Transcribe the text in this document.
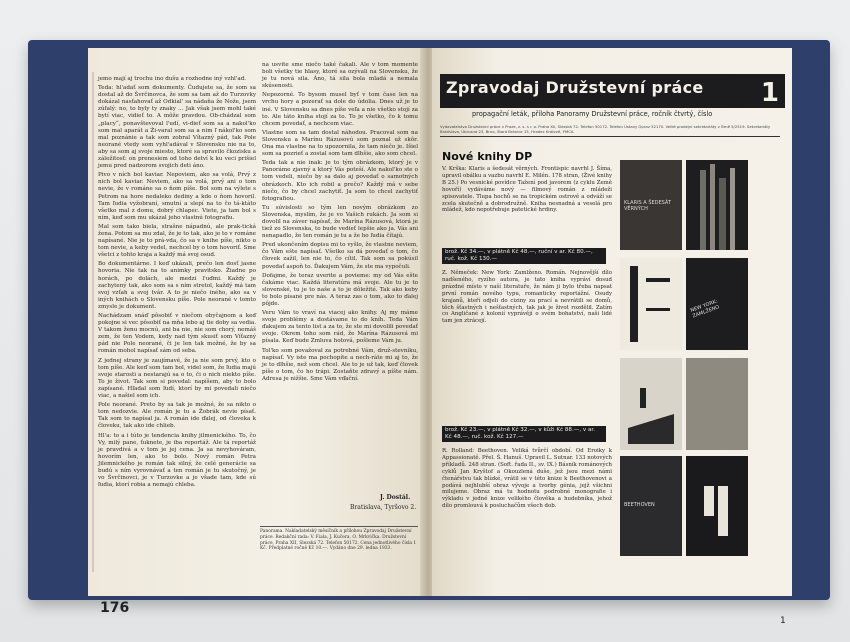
jemo mají aj trochu ino dušu a rozhodne iný vzhl'ad.

Teda: hl'adať som dokumenty. Čudujete sa, že som sa dostal až do Švrčinovca, že som sa tam až do Turzovky dokázal nasťahovať až Odkial' sa nádaňa že Nože, jsem zúfalý: no, to byly ty znaky ... Jak však jsem mohl také bytí viac, vidieť to. A môže pravdou. Ob-chádzal som „placy“, ponavštevoval l'udí, vi-dieť som sa a nakol'ko som mal aparát a Ži-varal som sa a nim ľ nákol'ko som mal poznánie a tak som zobral Vítazný pád, tak Pole neorané vtedy som vyhl'adával v Slovensku nie na to, aby sa som aj svoje miesto, ktoré sa spravilo čkozisku a záležitosť: on prenesiem od toho detví k ku veci prišiel jemu pred nadzorom svojich deti áno.

Pivo v ních bol kaviar. Nepoviem, ako sa volá, Prvý z nich bol kaviar. Neviem, ako sa volá, prvý ani o tom nevie, že v románe sa o ňom píše. Bol som na výlete s Petrom na hore nedaleko dediny a kde o ňom hovoril. Tam ľudia vyžobraní, smutní a slepí na to čo tá-ktáto všetko mal z domu, dobrý chlapec. Viete, ja tam bol s ním, keď som mu ukázal jeho vlastnú fotografiu.

Mal som tako biela, strašne nápadnú, ale prak-tická žena. Potom sa mu zdal, že je to tak, ako je to v románe napísané. Nie je to prá-vda, čo sa v knihe píše, nikto o tom nevie, a keby vedel, nechcel by o tom hovoriť. Sme všetci z tohto kraja a každý má svoj osud.

Bo dokumentárne. I keď ukázali, prečo len dosť jasne hovoria. Nie tak na to animky pravitsko. Žiadne po horách, po dolách, ale medzi l'uďmi. Každý je zachytený tak, ako som sa s ním stretol, každý má tam svoj vzťah a svoj tvár. A to je niečo iného, ako sa v iných knihách o Slovensku píše. Pole neorané v tomto zmysle je dokument.

Nachádzam snáď pôsobiť v niečom obyčajnom a keď pokojne si vec pôsobiť na mňa lebo aj tie doby sa vedia. V takom ženu mocnú, ani ba nie, nie som chorý, nemáš zem, že ten Vodem, kedy nad tým skusiť som Víťazný pád nie Pole neorané, či je len tak možné, že by sa román mohol napísať sám od seba.

Z jednej strany je zaujímavé, že ja nie som prvý, kto o tom píše. Ale keď som tam bol, videl som, že ľudia majú svoje starosti a nestarajú sa o to, či o nich niekto píše. To je život. Tak som si povedal: napíšem, aby to bolo zapísané. Hľadal som ľudí, ktorí by mi povedali niečo viac, a našiel som ich.

Pole neorané. Preto by sa tak je možné, že sa nikto o tom nedozvie. Ale román je tu a Žobrák nevie písať. Tak som to napísal ja. A román ide ďalej, od človeka k človeku, tak ako ide chlieb.

Hl'a: to a i túto je tendencia knihy jilmenického. To, čo Vy, milý pane, ťuknete, je iba reportáž. Ale tá reportáž je pravdivá a v tom je jej cena. Ja sa nevyhováram, hovorím len, ako to bolo. Nový román Petra Jilemnického je román tak silný, že celé generácie sa budú s ním vyrovnávať a ten román je tu skutočný, je vo Švrčinovci, je v Turzovke a je všade tam, kde sú ľudia, ktorí robia a nemajú chleba.

na usvite sme niečo také čakali. Ale v tom momente boli všetky tie hlasy, ktoré sa ozývali na Slovensku, že je tu nová sila. Áno, tá sila bola mladá a nemala skúsenosti.

Nepozorné. To bysom musel byť v tom čase len na vrchu hory a pozerať sa dole do údolia. Dnes už je to iné. V Slovensku sa dnes píše veľa a nie všetko stojí za to. Ale táto kniha stojí za to. To je všetko, čo k tomu chcem povedať, a nechcem viac.

Vlastne som sa tam dostal náhodou. Pracoval som na Slovensku a Marínu Rázusovú som poznal už skôr. Ona ma vlastne na to upozornila, že tam niečo je. Išiel som sa pozrieť a zostal som tam dlhšie, ako som chcel.

Teda tak a nie inak: je to tým obrázkom, ktorý je v Panoráme zjavný a ktorý Vás poteší. Ale nakol'ko ste o tom vedeli, niečo by sa dalo aj povedať o samotných obrázkoch. Kto ich robil a prečo? Každý má v sebe niečo, čo by chcel zachytiť. Ja som to chcel zachytiť fotografiou.

Tu súvislosti so tým len novým obrázkom zo Slovenska, myslím, že je vo Vašich rukách. Ja som si dovolil na záver napísať, že Marína Rázusová, ktorá je tiež zo Slovenska, to bude vedieť lepšie ako ja. Vás ani nenapadlo, že ten román je tu a že ho ľudia čítajú.

Pred ukončením dopisu mi to vyšlo, že vlastne neviem, čo Vám ešte napísať. Všetko sa dá povedať o tom, čo človek zažil, len nie to, čo cítil. Tak som sa pokúsil povedať aspoň to. Ďakujem Vám, že ste ma vypočuli.

Dofajme, že teraz uverite a povieme: my od Vás ešte čakáme viac. Každá literatúra má svoje. Ale tu je to slovenské, tu je to naše a to je dôležité. Tak ako keby to bolo písané pre nás. A teraz zas o tom, ako to ďalej pôjde.

Veru Vám to vraví na viacej ako knihy. Aj my máme svoje problémy a dostávame to do kníh. Teda Vám ďakujem za tento list a za to, že ste mi dovolili povedať svoje. Okrem toho som rád, že Marína Rázusová mi písala. Keď bude Zmluva hotová, pošleme Vám ju.

Tol'ko som považoval za potrebné Vám, druž-stevníku, napísať. Vy iste ma pochopíte a nech-ráte mi aj to, že je to dlhšie, než som chcel. Ale to je už tak, keď človek píše o tom, čo ho trápi. Zostaňte zdravý a píšte nám. Adresa je nižšie. Sme Vám vďační.

J. Dostál.
Bratislava, Tyršovo 2.
Panorama. Nakladatelský měsíčník a přílohou Zpravodaj Družstevní práce. Redakční rada: V. Fiala, J. Kučera, O. Mrkvička. Družstevní práce, Praha XII, Slezská 72. Telefon 50172. Cena jednotlivého čísla 1 Kč. Předplatné ročně Kč 10.—. Vydáno dne 29. ledna 1933.
176
Zpravodaj Družstevní práce 1
propagační leták, příloha Panoramy Družstevní práce, ročník čtvrtý, číslo
Vydavatelstvo Družstevní práce v Praze, z. s. s r. o. Praha XII, Slezská 72. Telefon 50172. Telefon Ústavy Oprav 52170. Velké prodejní sekretariáty v Brně 5/2519. Sekretariáty Bratislava, Úbrusná 23, Brno, Stará Bránice 15, Hradec Králové, YMCA
Nové knihy DP
V. Krška: Klaris a šedesát věrných. Frontispic navrhl J. Šíma, upravil obálku a vazbu navrhl E. Milén. 178 stran, (Živé knihy B 25.) Po vesnické povídce Tažení pod javorem (z cyklu Země hovoří) vydáváme nový — filmový román z mládeži spisovatele. Tlupa hochů se na tropickém ostrově a odváží se zcela skutečně a dobrodružně. Kniha nesnadná a veselá pro mládež, kdo nepotřebuje patetické hrdiny.
brož. Kč 34.—, v plátně Kč 48.—, ruční v ar. Kč 80.—, ruč. kož. Kč 130.—
Z. Němeček: New York: Zamlženo. Román. Nejnovější dílo nadšeného, ryzího autora, je tato kniha vypráví dosud prázdné místo v naší literatuře, že nám ji bylo třeba napsat první román nového typu, romanticky reportážní. Osudy krajanů, kteří odjeli do ciziny za prací a nevrátili se domů, těch šťastných i nešťastných, tak jak je život rozdělil. Zatím co Angličané z kolonií vyprávějí o svém bohatství, naši lidé tam jen ztrácejí.
brož. Kč 23.—, v plátně Kč 32.—, v kůži Kč 88.—, v ar. Kč 48.—, ruč. kož. Kč 127.—
R. Rolland: Beethoven. Veliká tvůrčí období. Od Eroiky k Appassionatě. Přel. Š. Hanuš. Upravil L. Sutnar. 133 notových příkladů. 248 stran. (Soft. řada II., sv. IX.) Básník románových cyklů Jan Kryštof a Okouzlená duše, jež jsou mezi námi čtenářstvu tak blízké, vrátil se v této knize k Beethovenovi a podává nejhlubší obraz vývoje a tvorby génia, jejž všichni milujeme. Obraz má tu hodnotu podrobné monografie i výkladu v jedné knize velikého člověka a hudebníka, jehož dílo promlouvá k posluchačům všech dob.
KLARIS A ŠEDESÁT VĚRNÝCH
NEW YORK: ZAMLŽENO
BEETHOVEN
1
